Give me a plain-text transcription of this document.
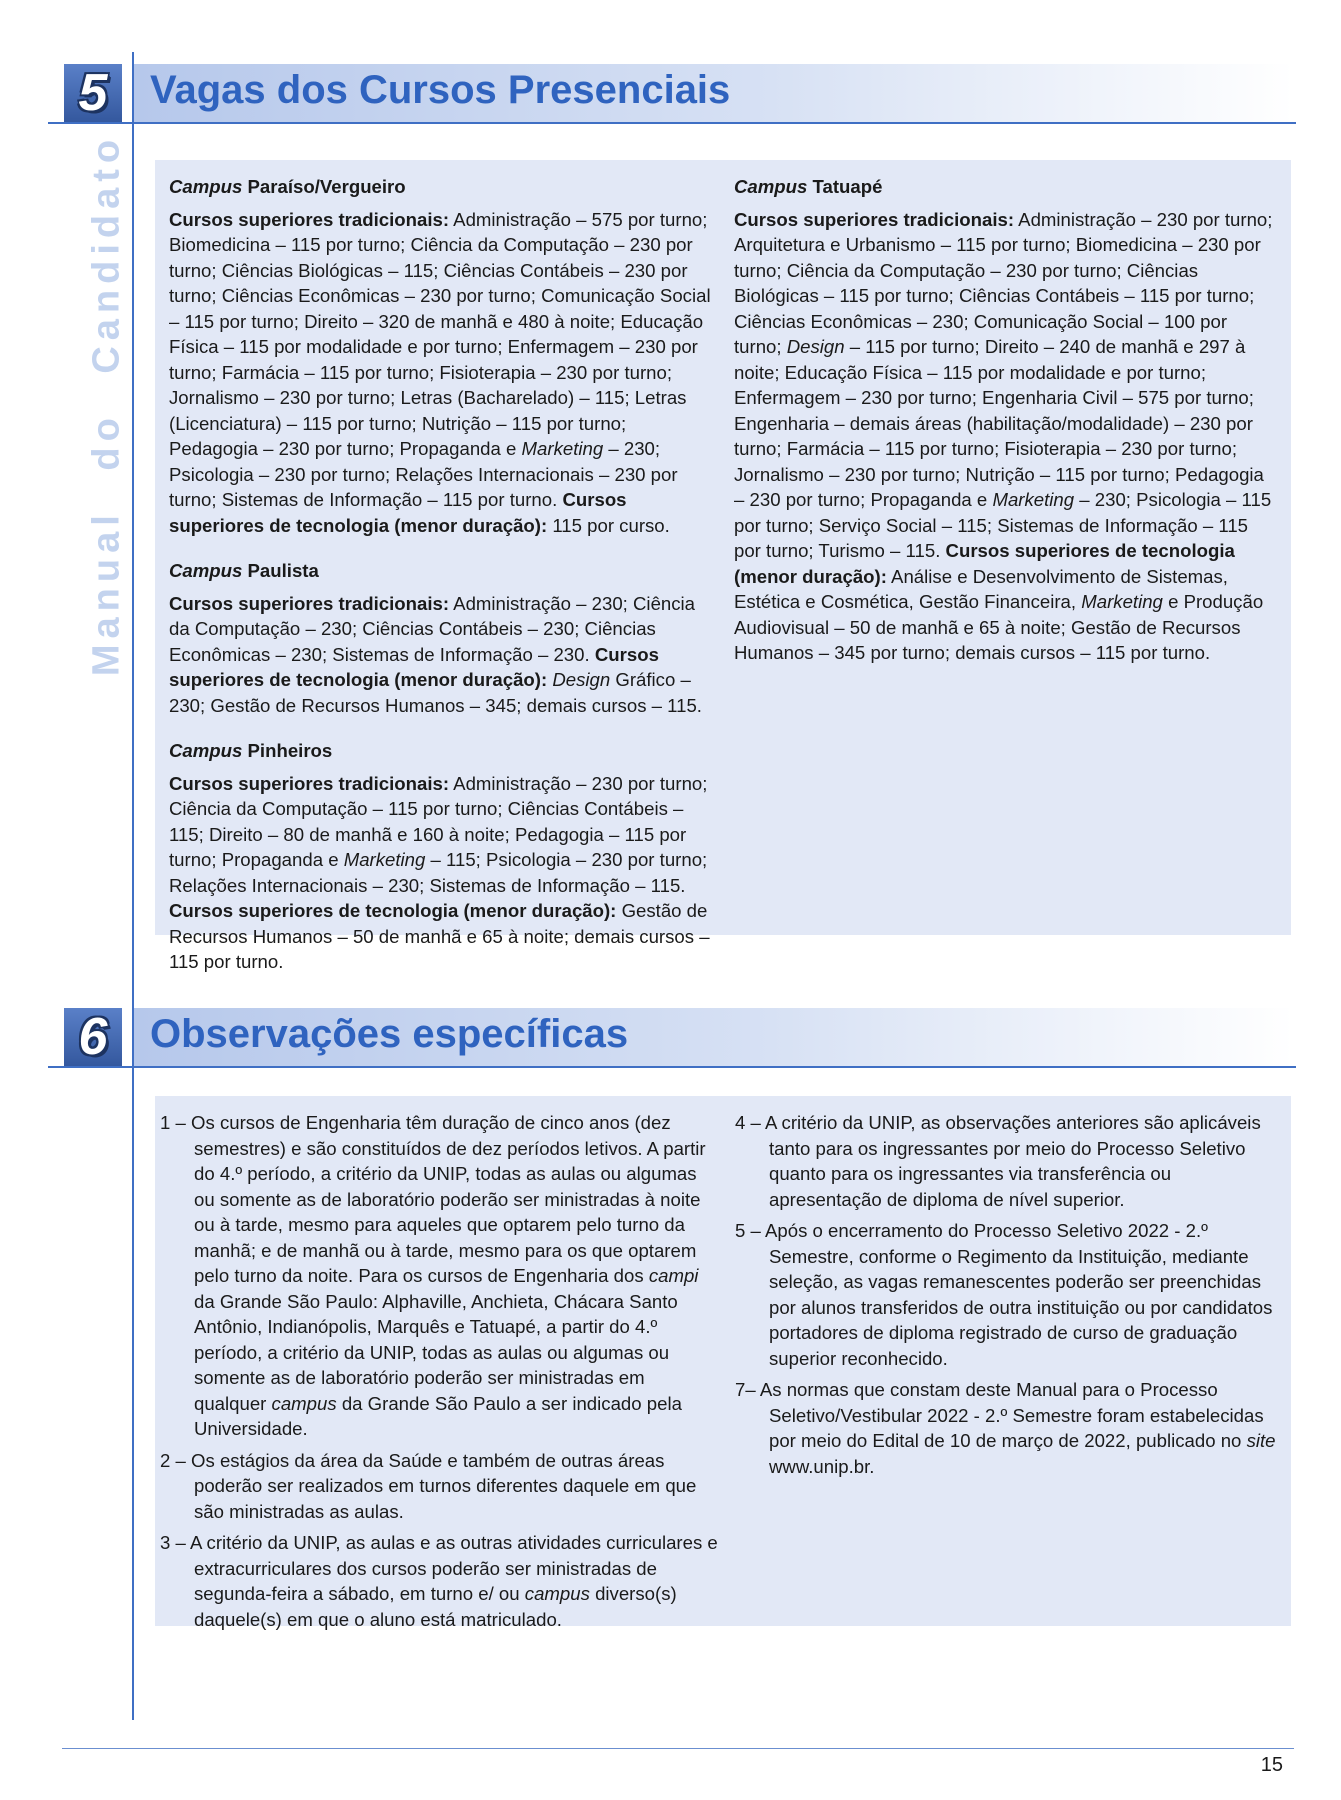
Manual do Candidato
5	Vagas dos Cursos Presenciais

Campus Paraíso/Vergueiro

Cursos superiores tradicionais: Administração – 575 por turno; Biomedicina – 115 por turno; Ciência da Computação – 230 por turno; Ciências Biológicas – 115; Ciências Contábeis – 230 por turno; Ciências Econômicas – 230 por turno; Comunicação Social – 115 por turno; Direito – 320 de manhã e 480 à noite; Educação Física – 115 por modalidade e por turno; Enfermagem – 230 por turno; Farmácia – 115 por turno; Fisioterapia – 230 por turno; Jornalismo – 230 por turno; Letras (Bacharelado) – 115; Letras (Licenciatura) – 115 por turno; Nutrição – 115 por turno; Pedagogia – 230 por turno; Propaganda e Marketing – 230; Psicologia – 230 por turno; Relações Internacionais – 230 por turno; Sistemas de Informação – 115 por turno. Cursos superiores de tecnologia (menor duração): 115 por curso.

Campus Paulista

Cursos superiores tradicionais: Administração – 230; Ciência da Computação – 230; Ciências Contábeis – 230; Ciências Econômicas – 230; Sistemas de Informação – 230. Cursos superiores de tecnologia (menor duração): Design Gráfico – 230; Gestão de Recursos Humanos – 345; demais cursos – 115.

Campus Pinheiros

Cursos superiores tradicionais: Administração – 230 por turno; Ciência da Computação – 115 por turno; Ciências Contábeis – 115; Direito – 80 de manhã e 160 à noite; Pedagogia – 115 por turno; Propaganda e Marketing – 115; Psicologia – 230 por turno; Relações Internacionais – 230; Sistemas de Informação – 115. Cursos superiores de tecnologia (menor duração): Gestão de Recursos Humanos – 50 de manhã e 65 à noite; demais cursos – 115 por turno.

Campus Tatuapé

Cursos superiores tradicionais: Administração – 230 por turno; Arquitetura e Urbanismo – 115 por turno; Biomedicina – 230 por turno; Ciência da Computação – 230 por turno; Ciências Biológicas – 115 por turno; Ciências Contábeis – 115 por turno; Ciências Econômicas – 230; Comunicação Social – 100 por turno; Design – 115 por turno; Direito – 240 de manhã e 297 à noite; Educação Física – 115 por modalidade e por turno; Enfermagem – 230 por turno; Engenharia Civil – 575 por turno; Engenharia – demais áreas (habilitação/modalidade) – 230 por turno; Farmácia – 115 por turno; Fisioterapia – 230 por turno; Jornalismo – 230 por turno; Nutrição – 115 por turno; Pedagogia – 230 por turno; Propaganda e Marketing – 230; Psicologia – 115 por turno; Serviço Social – 115; Sistemas de Informação – 115 por turno; Turismo – 115. Cursos superiores de tecnologia (menor duração): Análise e Desenvolvimento de Sistemas, Estética e Cosmética, Gestão Financeira, Marketing e Produção Audiovisual – 50 de manhã e 65 à noite; Gestão de Recursos Humanos – 345 por turno; demais cursos – 115 por turno.

6	Observações específicas
1 – Os cursos de Engenharia têm duração de cinco anos (dez semestres) e são constituídos de dez períodos letivos. A partir do 4.º período, a critério da UNIP, todas as aulas ou algumas ou somente as de laboratório poderão ser ministradas à noite ou à tarde, mesmo para aqueles que optarem pelo turno da manhã; e de manhã ou à tarde, mesmo para os que optarem pelo turno da noite. Para os cursos de Engenharia dos campi da Grande São Paulo: Alphaville, Anchieta, Chácara Santo Antônio, Indianópolis, Marquês e Tatuapé, a partir do 4.º período, a critério da UNIP, todas as aulas ou algumas ou somente as de laboratório poderão ser ministradas em qualquer campus da Grande São Paulo a ser indicado pela Universidade.
2 – Os estágios da área da Saúde e também de outras áreas poderão ser realizados em turnos diferentes daquele em que são ministradas as aulas.
3 – A critério da UNIP, as aulas e as outras atividades curriculares e extracurriculares dos cursos poderão ser ministradas de segunda-feira a sábado, em turno e/ ou campus diverso(s) daquele(s) em que o aluno está matriculado.
4 – A critério da UNIP, as observações anteriores são aplicáveis tanto para os ingressantes por meio do Processo Seletivo quanto para os ingressantes via transferência ou apresentação de diploma de nível superior.
5 – Após o encerramento do Processo Seletivo 2022 - 2.º Semestre, conforme o Regimento da Instituição, mediante seleção, as vagas remanescentes poderão ser preenchidas por alunos transferidos de outra instituição ou por candidatos portadores de diploma registrado de curso de graduação superior reconhecido.
7– As normas que constam deste Manual para o Processo Seletivo/Vestibular 2022 - 2.º Semestre foram estabelecidas por meio do Edital de 10 de março de 2022, publicado no site www.unip.br.
15
